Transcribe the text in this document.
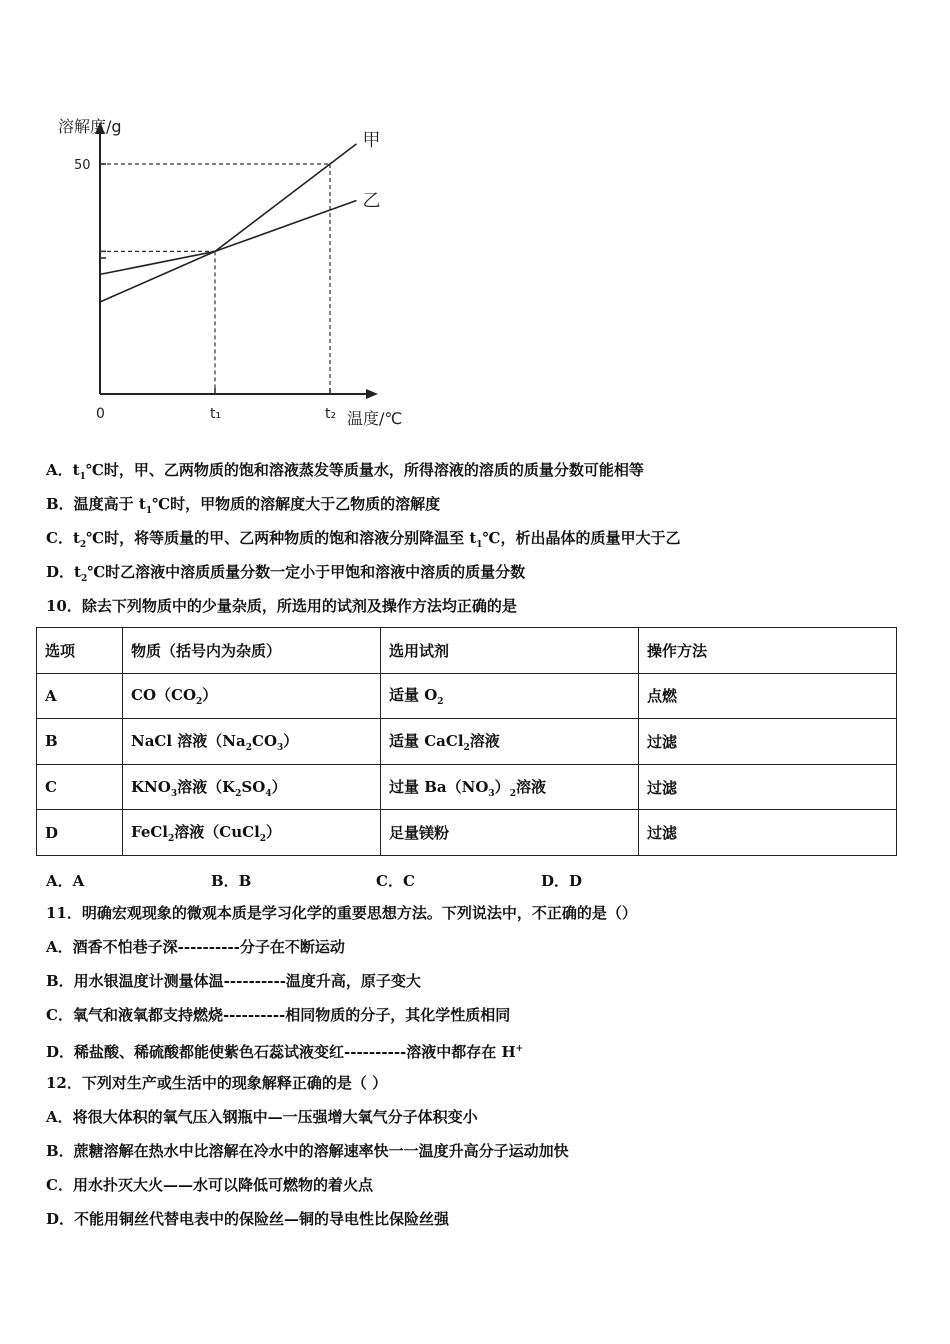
溶解度/g
温度/℃
0
50
t₁	t₂
甲
乙
A．$t_1℃$时，甲、乙两物质的饱和溶液蒸发等质量水，所得溶液的溶质的质量分数可能相等
B．温度高于 $t_1℃$时，甲物质的溶解度大于乙物质的溶解度
C．$t_2℃$时，将等质量的甲、乙两种物质的饱和溶液分别降温至 $t_1℃$，析出晶体的质量甲大于乙
D．$t_2℃$时乙溶液中溶质质量分数一定小于甲饱和溶液中溶质的质量分数
10．除去下列物质中的少量杂质，所选用的试剂及操作方法均正确的是
选项	物质（括号内为杂质）	选用试剂	操作方法
A	$CO(CO_2)$	适量 $O_2$	点燃
B	NaCl 溶液$(Na_2CO_3)$	适量 CaCl$_2$溶液	过滤
C	$KNO_3$溶液$(K_2SO_4)$	过量 $Ba(NO_3)_2$溶液	过滤
D	FeCl$_2$溶液（CuCl$_2$）	足量镁粉	过滤
A．A	B．B	C．C	D．D
11．明确宏观现象的微观本质是学习化学的重要思想方法。下列说法中，不正确的是（）
A．酒香不怕巷子深----------分子在不断运动
B．用水银温度计测量体温----------温度升高，原子变大
C．氧气和液氧都支持燃烧----------相同物质的分子，其化学性质相同
D．稀盐酸、稀硫酸都能使紫色石蕊试液变红----------溶液中都存在 H+
12．下列对生产或生活中的现象解释正确的是（ ）
A．将很大体积的氧气压入钢瓶中—一压强增大氧气分子体积变小
B．蔗糖溶解在热水中比溶解在冷水中的溶解速率快一一温度升高分子运动加快
C．用水扑灭大火——水可以降低可燃物的着火点
D．不能用铜丝代替电表中的保险丝—铜的导电性比保险丝强
